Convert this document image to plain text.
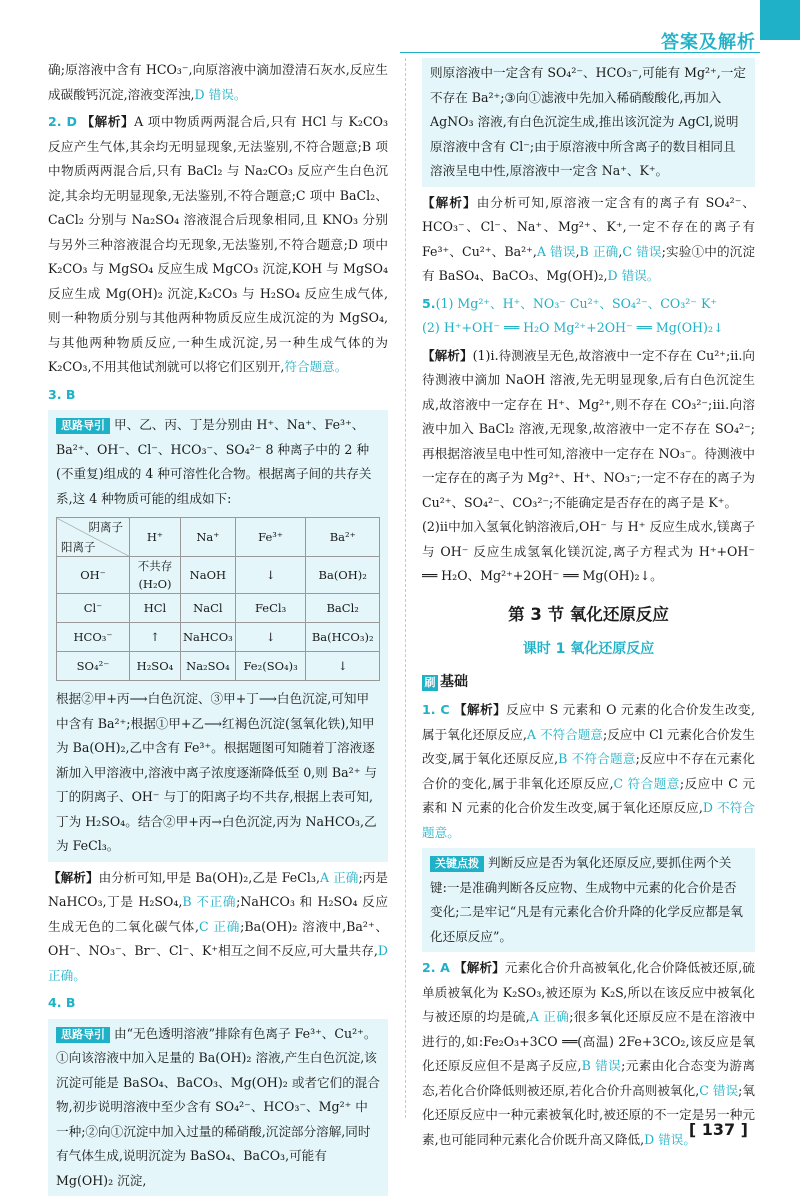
答案及解析

确;原溶液中含有 HCO₃⁻,向原溶液中滴加澄清石灰水,反应生成碳酸钙沉淀,溶液变浑浊,D 错误。

2. D 【解析】A 项中物质两两混合后,只有 HCl 与 K₂CO₃ 反应产生气体,其余均无明显现象,无法鉴别,不符合题意;B 项中物质两两混合后,只有 BaCl₂ 与 Na₂CO₃ 反应产生白色沉淀,其余均无明显现象,无法鉴别,不符合题意;C 项中 BaCl₂、CaCl₂ 分别与 Na₂SO₄ 溶液混合后现象相同,且 KNO₃ 分别与另外三种溶液混合均无现象,无法鉴别,不符合题意;D 项中 K₂CO₃ 与 MgSO₄ 反应生成 MgCO₃ 沉淀,KOH 与 MgSO₄ 反应生成 Mg(OH)₂ 沉淀,K₂CO₃ 与 H₂SO₄ 反应生成气体,则一种物质分别与其他两种物质反应生成沉淀的为 MgSO₄,与其他两种物质反应,一种生成沉淀,另一种生成气体的为 K₂CO₃,不用其他试剂就可以将它们区别开,符合题意。

3. B

思路导引 甲、乙、丙、丁是分别由 H⁺、Na⁺、Fe³⁺、Ba²⁺、OH⁻、Cl⁻、HCO₃⁻、SO₄²⁻ 8 种离子中的 2 种(不重复)组成的 4 种可溶性化合物。根据离子间的共存关系,这 4 种物质可能的组成如下:
阴离子
阳离子	H⁺	Na⁺	Fe³⁺	Ba²⁺
OH⁻	不共存(H₂O)	NaOH	↓	Ba(OH)₂
Cl⁻	HCl	NaCl	FeCl₃	BaCl₂
HCO₃⁻	↑	NaHCO₃	↓	Ba(HCO₃)₂
SO₄²⁻	H₂SO₄	Na₂SO₄	Fe₂(SO₄)₃	↓
根据②甲+丙⟶白色沉淀、③甲+丁⟶白色沉淀,可知甲中含有 Ba²⁺;根据①甲+乙⟶红褐色沉淀(氢氧化铁),知甲为 Ba(OH)₂,乙中含有 Fe³⁺。根据题图可知随着丁溶液逐渐加入甲溶液中,溶液中离子浓度逐渐降低至 0,则 Ba²⁺ 与丁的阴离子、OH⁻ 与丁的阳离子均不共存,根据上表可知,丁为 H₂SO₄。结合②甲+丙→白色沉淀,丙为 NaHCO₃,乙为 FeCl₃。

【解析】由分析可知,甲是 Ba(OH)₂,乙是 FeCl₃,A 正确;丙是 NaHCO₃,丁是 H₂SO₄,B 不正确;NaHCO₃ 和 H₂SO₄ 反应生成无色的二氧化碳气体,C 正确;Ba(OH)₂ 溶液中,Ba²⁺、OH⁻、NO₃⁻、Br⁻、Cl⁻、K⁺相互之间不反应,可大量共存,D 正确。

4. B

思路导引 由“无色透明溶液”排除有色离子 Fe³⁺、Cu²⁺。①向该溶液中加入足量的 Ba(OH)₂ 溶液,产生白色沉淀,该沉淀可能是 BaSO₄、BaCO₃、Mg(OH)₂ 或者它们的混合物,初步说明溶液中至少含有 SO₄²⁻、HCO₃⁻、Mg²⁺ 中一种;②向①沉淀中加入过量的稀硝酸,沉淀部分溶解,同时有气体生成,说明沉淀为 BaSO₄、BaCO₃,可能有 Mg(OH)₂ 沉淀,
则原溶液中一定含有 SO₄²⁻、HCO₃⁻,可能有 Mg²⁺,一定不存在 Ba²⁺;③向①滤液中先加入稀硝酸酸化,再加入 AgNO₃ 溶液,有白色沉淀生成,推出该沉淀为 AgCl,说明原溶液中含有 Cl⁻;由于原溶液中所含离子的数目相同且溶液呈电中性,原溶液中一定含 Na⁺、K⁺。

【解析】由分析可知,原溶液一定含有的离子有 SO₄²⁻、HCO₃⁻、Cl⁻、Na⁺、Mg²⁺、K⁺,一定不存在的离子有 Fe³⁺、Cu²⁺、Ba²⁺,A 错误,B 正确,C 错误;实验①中的沉淀有 BaSO₄、BaCO₃、Mg(OH)₂,D 错误。

5.(1) Mg²⁺、H⁺、NO₃⁻ Cu²⁺、SO₄²⁻、CO₃²⁻ K⁺

(2) H⁺+OH⁻ ══ H₂O Mg²⁺+2OH⁻ ══ Mg(OH)₂↓

【解析】(1)ⅰ.待测液呈无色,故溶液中一定不存在 Cu²⁺;ⅱ.向待测液中滴加 NaOH 溶液,先无明显现象,后有白色沉淀生成,故溶液中一定存在 H⁺、Mg²⁺,则不存在 CO₃²⁻;ⅲ.向溶液中加入 BaCl₂ 溶液,无现象,故溶液中一定不存在 SO₄²⁻;再根据溶液呈电中性可知,溶液中一定存在 NO₃⁻。待测液中一定存在的离子为 Mg²⁺、H⁺、NO₃⁻;一定不存在的离子为 Cu²⁺、SO₄²⁻、CO₃²⁻;不能确定是否存在的离子是 K⁺。

(2)ⅱ中加入氢氧化钠溶液后,OH⁻ 与 H⁺ 反应生成水,镁离子与 OH⁻ 反应生成氢氧化镁沉淀,离子方程式为 H⁺+OH⁻ ══ H₂O、Mg²⁺+2OH⁻ ══ Mg(OH)₂↓。

第 3 节 氧化还原反应
课时 1 氧化还原反应
刷 基础

1. C 【解析】反应中 S 元素和 O 元素的化合价发生改变,属于氧化还原反应,A 不符合题意;反应中 Cl 元素化合价发生改变,属于氧化还原反应,B 不符合题意;反应中不存在元素化合价的变化,属于非氧化还原反应,C 符合题意;反应中 C 元素和 N 元素的化合价发生改变,属于氧化还原反应,D 不符合题意。

关键点拨 判断反应是否为氧化还原反应,要抓住两个关键:一是准确判断各反应物、生成物中元素的化合价是否变化;二是牢记“凡是有元素化合价升降的化学反应都是氧化还原反应”。

2. A 【解析】元素化合价升高被氧化,化合价降低被还原,硫单质被氧化为 K₂SO₃,被还原为 K₂S,所以在该反应中被氧化与被还原的均是硫,A 正确;很多氧化还原反应不是在溶液中进行的,如:Fe₂O₃+3CO ══(高温) 2Fe+3CO₂,该反应是氧化还原反应但不是离子反应,B 错误;元素由化合态变为游离态,若化合价降低则被还原,若化合价升高则被氧化,C 错误;氧化还原反应中一种元素被氧化时,被还原的不一定是另一种元素,也可能同种元素化合价既升高又降低,D 错误。

[ 137 ]
